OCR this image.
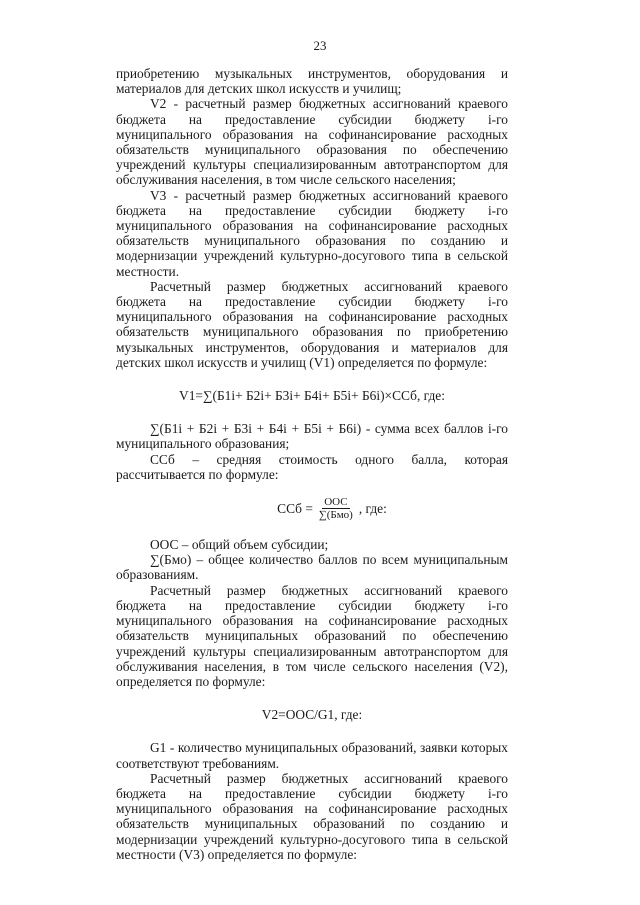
23

приобретению музыкальных инструментов, оборудования и материалов для детских школ искусств и училищ;

V2 - расчетный размер бюджетных ассигнований краевого бюджета на предоставление субсидии бюджету i-го муниципального образования на софинансирование расходных обязательств муниципального образования по обеспечению учреждений культуры специализированным автотранспортом для обслуживания населения, в том числе сельского населения;

V3 - расчетный размер бюджетных ассигнований краевого бюджета на предоставление субсидии бюджету i-го муниципального образования на софинансирование расходных обязательств муниципального образования по созданию и модернизации учреждений культурно-досугового типа в сельской местности.

Расчетный размер бюджетных ассигнований краевого бюджета на предоставление субсидии бюджету i-го муниципального образования на софинансирование расходных обязательств муниципального образования по приобретению музыкальных инструментов, оборудования и материалов для детских школ искусств и училищ (V1) определяется по формуле:

V1=∑(Б1i+ Б2i+ Б3i+ Б4i+ Б5i+ Б6i)×ССб, где:

∑(Б1i + Б2i + Б3i + Б4i + Б5i + Б6i) - сумма всех баллов i-го муниципального образования;

ССб – средняя стоимость одного балла, которая рассчитывается по формуле:

ССб = $\frac{\text{ООС}}{\text{∑(Бмо)}}$ , где:

ООС – общий объем субсидии;

∑(Бмо) – общее количество баллов по всем муниципальным образованиям.

Расчетный размер бюджетных ассигнований краевого бюджета на предоставление субсидии бюджету i-го муниципального образования на софинансирование расходных обязательств муниципальных образований по обеспечению учреждений культуры специализированным автотранспортом для обслуживания населения, в том числе сельского населения (V2), определяется по формуле:

V2=ООС/G1, где:

G1 - количество муниципальных образований, заявки которых соответствуют требованиям.

Расчетный размер бюджетных ассигнований краевого бюджета на предоставление субсидии бюджету i-го муниципального образования на софинансирование расходных обязательств муниципальных образований по созданию и модернизации учреждений культурно-досугового типа в сельской местности (V3) определяется по формуле:
